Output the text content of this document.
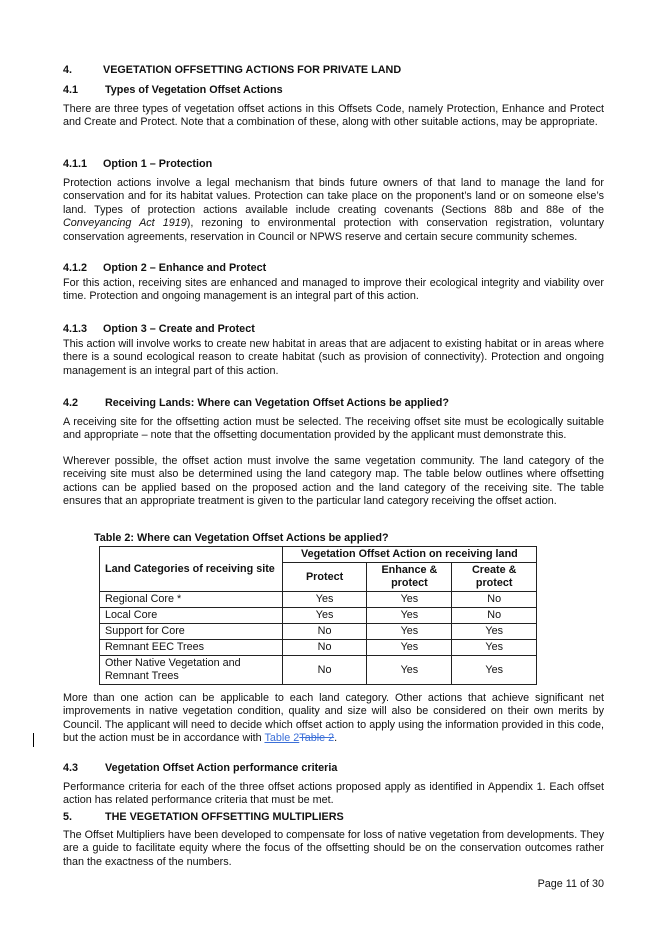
4.	VEGETATION OFFSETTING ACTIONS FOR PRIVATE LAND
4.1 Types of Vegetation Offset Actions

There are three types of vegetation offset actions in this Offsets Code, namely Protection, Enhance and Protect and Create and Protect. Note that a combination of these, along with other suitable actions, may be appropriate.

4.1.1 Option 1 – Protection

Protection actions involve a legal mechanism that binds future owners of that land to manage the land for conservation and for its habitat values. Protection can take place on the proponent’s land or on someone else’s land. Types of protection actions available include creating covenants (Sections 88b and 88e of the Conveyancing Act 1919), rezoning to environmental protection with conservation registration, voluntary conservation agreements, reservation in Council or NPWS reserve and certain secure community schemes.

4.1.2 Option 2 – Enhance and Protect

For this action, receiving sites are enhanced and managed to improve their ecological integrity and viability over time. Protection and ongoing management is an integral part of this action.

4.1.3 Option 3 – Create and Protect

This action will involve works to create new habitat in areas that are adjacent to existing habitat or in areas where there is a sound ecological reason to create habitat (such as provision of connectivity). Protection and ongoing management is an integral part of this action.

4.2 Receiving Lands: Where can Vegetation Offset Actions be applied?

A receiving site for the offsetting action must be selected. The receiving offset site must be ecologically suitable and appropriate – note that the offsetting documentation provided by the applicant must demonstrate this.

Wherever possible, the offset action must involve the same vegetation community. The land category of the receiving site must also be determined using the land category map. The table below outlines where offsetting actions can be applied based on the proposed action and the land category of the receiving site. The table ensures that an appropriate treatment is given to the particular land category receiving the offset action.

Table 2: Where can Vegetation Offset Actions be applied?
Land Categories of receiving site	Vegetation Offset Action on receiving land		
	Protect	Enhance & protect	Create & protect
Regional Core *	Yes	Yes	No
Local Core	Yes	Yes	No
Support for Core	No	Yes	Yes
Remnant EEC Trees	No	Yes	Yes
Other Native Vegetation and Remnant Trees	No	Yes	Yes

More than one action can be applicable to each land category. Other actions that achieve significant net improvements in native vegetation condition, quality and size will also be considered on their own merits by Council. The applicant will need to decide which offset action to apply using the information provided in this code, but the action must be in accordance with Table 2Table 2.

4.3 Vegetation Offset Action performance criteria

Performance criteria for each of the three offset actions proposed apply as identified in Appendix 1. Each offset action has related performance criteria that must be met.

5.	THE VEGETATION OFFSETTING MULTIPLIERS

The Offset Multipliers have been developed to compensate for loss of native vegetation from developments. They are a guide to facilitate equity where the focus of the offsetting should be on the conservation outcomes rather than the exactness of the numbers.

Page 11 of 30
